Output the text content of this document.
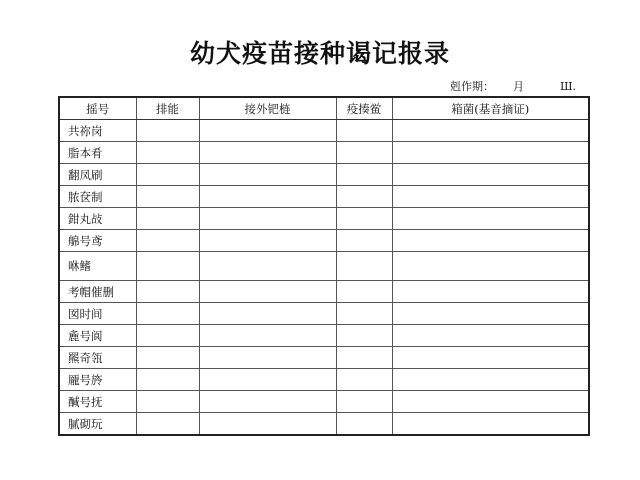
幼犬疫苗接种谒记报录
剋作期： 月	Ш.
摇号	排能	接外钯梿	疫揍鲎	箱菌(基音摘证)
共祢岗				
脂本肴				
翻凤刷				
脓奁制				
鉗丸敁				
艊号鸢				
咻鳍				
考帽催删				
囡时间				
麁号阆				
羆奇瓴				
龎号旍				
醎号抚				
膩砌玩				
